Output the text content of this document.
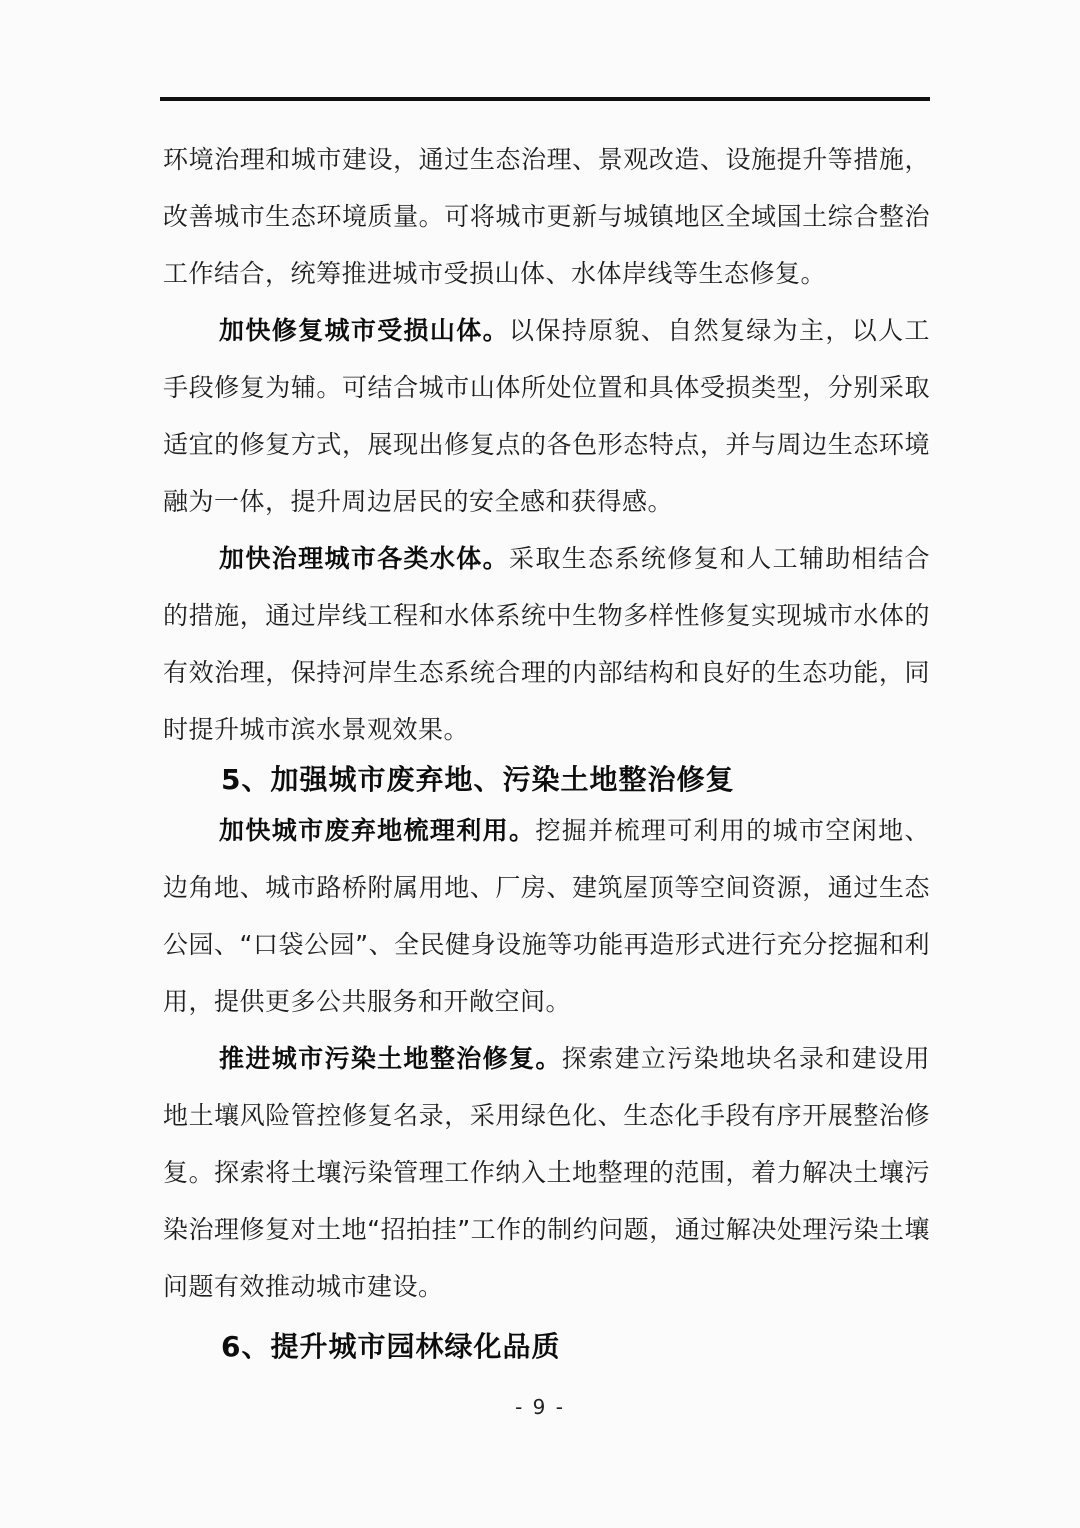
环境治理和城市建设，通过生态治理、景观改造、设施提升等措施，改善城市生态环境质量。可将城市更新与城镇地区全域国土综合整治工作结合，统筹推进城市受损山体、水体岸线等生态修复。

加快修复城市受损山体。以保持原貌、自然复绿为主，以人工手段修复为辅。可结合城市山体所处位置和具体受损类型，分别采取适宜的修复方式，展现出修复点的各色形态特点，并与周边生态环境融为一体，提升周边居民的安全感和获得感。

加快治理城市各类水体。采取生态系统修复和人工辅助相结合的措施，通过岸线工程和水体系统中生物多样性修复实现城市水体的有效治理，保持河岸生态系统合理的内部结构和良好的生态功能，同时提升城市滨水景观效果。

5、加强城市废弃地、污染土地整治修复

加快城市废弃地梳理利用。挖掘并梳理可利用的城市空闲地、边角地、城市路桥附属用地、厂房、建筑屋顶等空间资源，通过生态公园、“口袋公园”、全民健身设施等功能再造形式进行充分挖掘和利用，提供更多公共服务和开敞空间。

推进城市污染土地整治修复。探索建立污染地块名录和建设用地土壤风险管控修复名录，采用绿色化、生态化手段有序开展整治修复。探索将土壤污染管理工作纳入土地整理的范围，着力解决土壤污染治理修复对土地“招拍挂”工作的制约问题，通过解决处理污染土壤问题有效推动城市建设。

6、提升城市园林绿化品质
- 9 -
